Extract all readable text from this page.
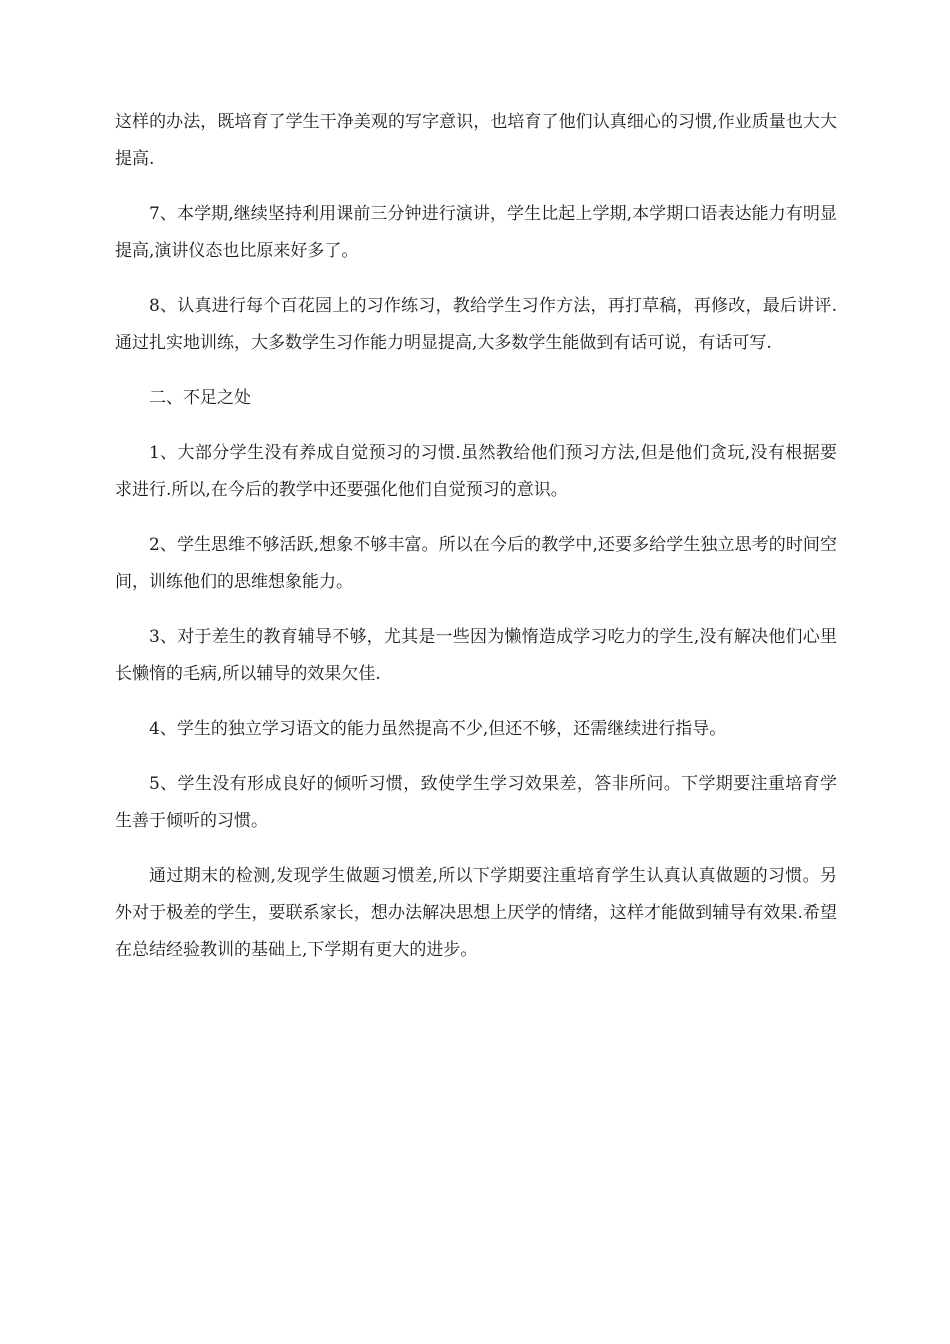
这样的办法，既培育了学生干净美观的写字意识，也培育了他们认真细心的习惯,作业质量也大大提高.

7、本学期,继续坚持利用课前三分钟进行演讲，学生比起上学期,本学期口语表达能力有明显提高,演讲仪态也比原来好多了。

8、认真进行每个百花园上的习作练习，教给学生习作方法，再打草稿，再修改，最后讲评.通过扎实地训练，大多数学生习作能力明显提高,大多数学生能做到有话可说，有话可写.

二、不足之处

1、大部分学生没有养成自觉预习的习惯.虽然教给他们预习方法,但是他们贪玩,没有根据要求进行.所以,在今后的教学中还要强化他们自觉预习的意识。

2、学生思维不够活跃,想象不够丰富。所以在今后的教学中,还要多给学生独立思考的时间空间，训练他们的思维想象能力。

3、对于差生的教育辅导不够，尤其是一些因为懒惰造成学习吃力的学生,没有解决他们心里长懒惰的毛病,所以辅导的效果欠佳.

4、学生的独立学习语文的能力虽然提高不少,但还不够，还需继续进行指导。

5、学生没有形成良好的倾听习惯，致使学生学习效果差，答非所问。下学期要注重培育学生善于倾听的习惯。

通过期末的检测,发现学生做题习惯差,所以下学期要注重培育学生认真认真做题的习惯。另外对于极差的学生，要联系家长，想办法解决思想上厌学的情绪，这样才能做到辅导有效果.希望在总结经验教训的基础上,下学期有更大的进步。
